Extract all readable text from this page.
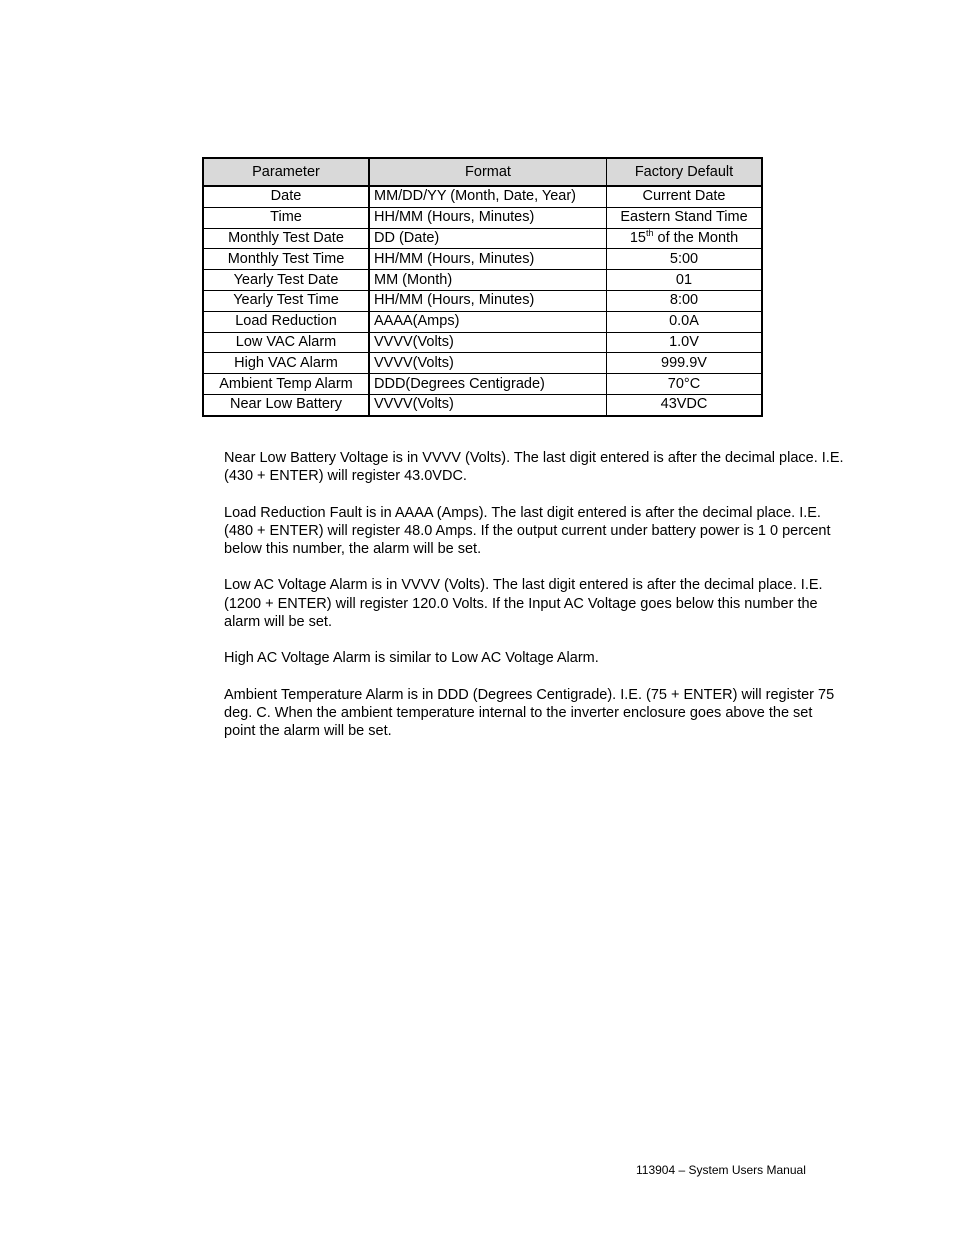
Parameter	Format	Factory Default
Date	MM/DD/YY (Month, Date, Year)	Current Date
Time	HH/MM (Hours, Minutes)	Eastern Stand Time
Monthly Test Date	DD (Date)	15th of the Month
Monthly Test Time	HH/MM (Hours, Minutes)	5:00
Yearly Test Date	MM (Month)	01
Yearly Test Time	HH/MM (Hours, Minutes)	8:00
Load Reduction	AAAA(Amps)	0.0A
Low VAC Alarm	VVVV(Volts)	1.0V
High VAC Alarm	VVVV(Volts)	999.9V
Ambient Temp Alarm	DDD(Degrees Centigrade)	70°C
Near Low Battery	VVVV(Volts)	43VDC

Near Low Battery Voltage is in VVVV (Volts). The last digit entered is after the decimal place. I.E. (430 + ENTER) will register 43.0VDC.

Load Reduction Fault is in AAAA (Amps). The last digit entered is after the decimal place. I.E. (480 + ENTER) will register 48.0 Amps. If the output current under battery power is 1 0 percent below this number, the alarm will be set.

Low AC Voltage Alarm is in VVVV (Volts). The last digit entered is after the decimal place. I.E. (1200 + ENTER) will register 120.0 Volts. If the Input AC Voltage goes below this number the alarm will be set.

High AC Voltage Alarm is similar to Low AC Voltage Alarm.

Ambient Temperature Alarm is in DDD (Degrees Centigrade). I.E. (75 + ENTER) will register 75 deg. C. When the ambient temperature internal to the inverter enclosure goes above the set point the alarm will be set.

113904 – System Users Manual
